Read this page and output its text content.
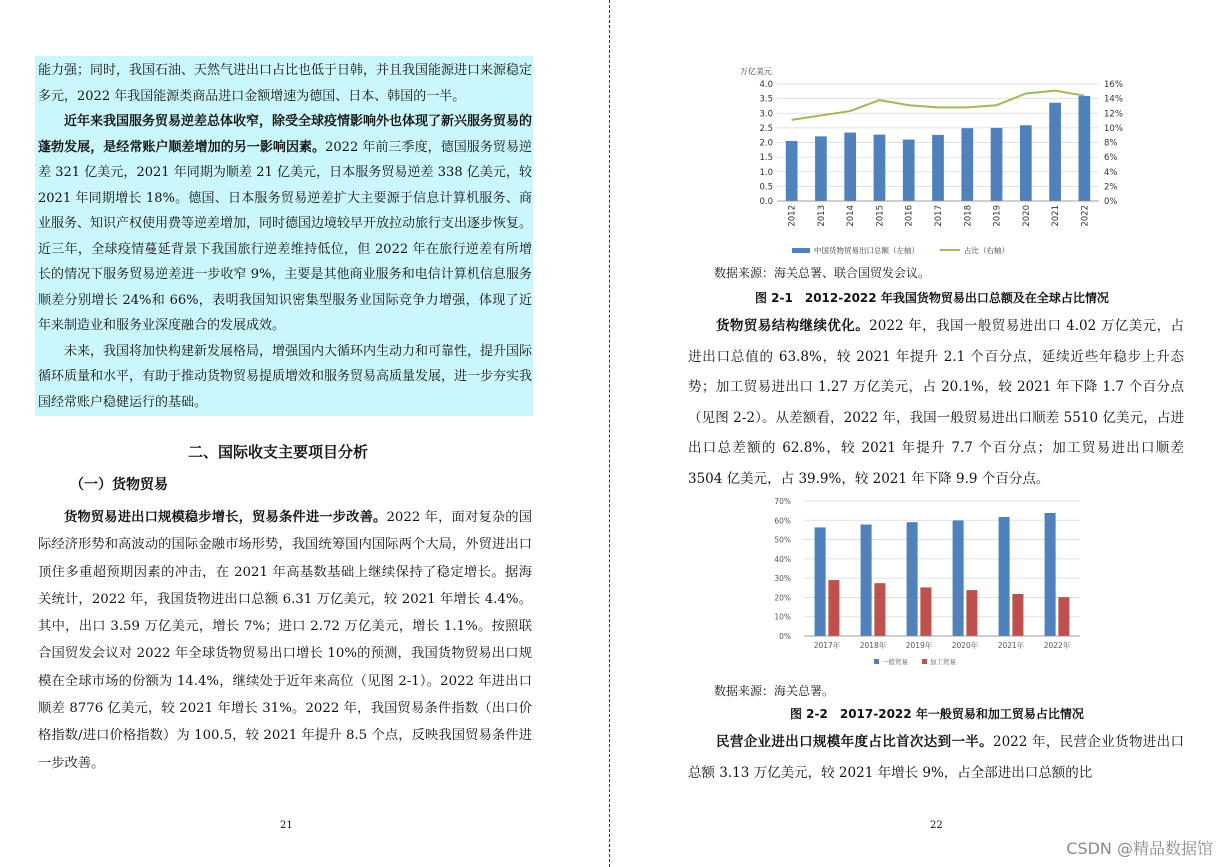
能力强；同时，我国石油、天然气进出口占比也低于日韩，并且我国能源进口来源稳定多元，2022 年我国能源类商品进口金额增速为德国、日本、韩国的一半。

近年来我国服务贸易逆差总体收窄，除受全球疫情影响外也体现了新兴服务贸易的蓬勃发展，是经常账户顺差增加的另一影响因素。2022 年前三季度，德国服务贸易逆差 321 亿美元，2021 年同期为顺差 21 亿美元，日本服务贸易逆差 338 亿美元，较 2021 年同期增长 18%。德国、日本服务贸易逆差扩大主要源于信息计算机服务、商业服务、知识产权使用费等逆差增加，同时德国边境较早开放拉动旅行支出逐步恢复。近三年，全球疫情蔓延背景下我国旅行逆差维持低位，但 2022 年在旅行逆差有所增长的情况下服务贸易逆差进一步收窄 9%，主要是其他商业服务和电信计算机信息服务顺差分别增长 24%和 66%，表明我国知识密集型服务业国际竞争力增强，体现了近年来制造业和服务业深度融合的发展成效。

未来，我国将加快构建新发展格局，增强国内大循环内生动力和可靠性，提升国际循环质量和水平，有助于推动货物贸易提质增效和服务贸易高质量发展，进一步夯实我国经常账户稳健运行的基础。

二、国际收支主要项目分析
（一）货物贸易

货物贸易进出口规模稳步增长，贸易条件进一步改善。2022 年，面对复杂的国际经济形势和高波动的国际金融市场形势，我国统筹国内国际两个大局，外贸进出口顶住多重超预期因素的冲击，在 2021 年高基数基础上继续保持了稳定增长。据海关统计，2022 年，我国货物进出口总额 6.31 万亿美元，较 2021 年增长 4.4%。其中，出口 3.59 万亿美元，增长 7%；进口 2.72 万亿美元，增长 1.1%。按照联合国贸发会议对 2022 年全球货物贸易出口增长 10%的预测，我国货物贸易出口规模在全球市场的份额为 14.4%，继续处于近年来高位（见图 2-1）。2022 年进出口顺差 8776 亿美元，较 2021 年增长 31%。2022 年，我国贸易条件指数（出口价格指数/进口价格指数）为 100.5，较 2021 年提升 8.5 个点，反映我国贸易条件进一步改善。

21
万亿美元
0.0
0.5
1.0
1.5
2.0
2.5
3.0
3.5
4.0
0%
2%
4%
6%
8%
10%
12%
14%
16%
2012 2013 2014 2015 2016 2017 2018 2019 2020 2021 2022
中国货物贸易出口总额（左轴）	占比（右轴）
数据来源：海关总署、联合国贸发会议。
图 2-1　2012-2022 年我国货物贸易出口总额及在全球占比情况

货物贸易结构继续优化。2022 年，我国一般贸易进出口 4.02 万亿美元，占进出口总值的 63.8%，较 2021 年提升 2.1 个百分点，延续近些年稳步上升态势；加工贸易进出口 1.27 万亿美元，占 20.1%，较 2021 年下降 1.7 个百分点（见图 2-2）。从差额看，2022 年，我国一般贸易进出口顺差 5510 亿美元，占进出口总差额的 62.8%，较 2021 年提升 7.7 个百分点；加工贸易进出口顺差 3504 亿美元，占 39.9%，较 2021 年下降 9.9 个百分点。

0%
10%
20%
30%
40%
50%
60%
70%
2017年	2018年	2019年	2020年	2021年	2022年
一般贸易	加工贸易
数据来源：海关总署。
图 2-2　2017-2022 年一般贸易和加工贸易占比情况

民营企业进出口规模年度占比首次达到一半。2022 年，民营企业货物进出口总额 3.13 万亿美元，较 2021 年增长 9%，占全部进出口总额的比

22
CSDN @精品数据馆
